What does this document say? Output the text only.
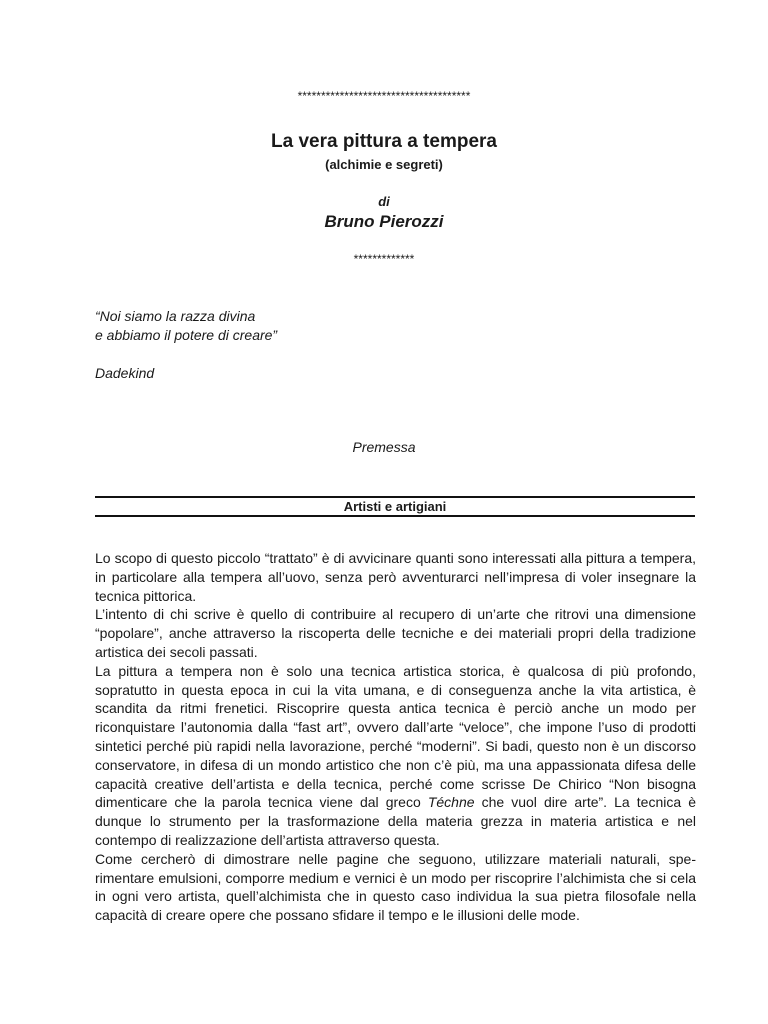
*************************************
La vera pittura a tempera
(alchimie e segreti)
di
Bruno Pierozzi
*************
“Noi siamo la razza divina
e abbiamo il potere di creare”
Dadekind
Premessa
Artisti e artigiani

Lo scopo di questo piccolo “trattato” è di avvicinare quanti sono interessati alla pittura a tempera, in particolare alla tempera all’uovo, senza però avventurarci nell’impresa di voler insegnare la tecnica pittorica.

L’intento di chi scrive è quello di contribuire al recupero di un’arte che ritrovi una dimensione “popolare”, anche attraverso la riscoperta delle tecniche e dei materiali propri della tradizione artistica dei secoli passati.

La pittura a tempera non è solo una tecnica artistica storica, è qualcosa di più profondo, sopratutto in questa epoca in cui la vita umana, e di conseguenza anche la vita artistica, è scandita da ritmi frenetici. Riscoprire questa antica tecnica è perciò anche un modo per riconquistare l’autonomia dalla “fast art”, ovvero dall’arte “veloce”, che impone l’uso di prodotti sintetici perché più rapidi nella lavorazione, perché “moderni”. Si badi, questo non è un discorso conservatore, in difesa di un mondo artistico che non c’è più, ma una appassionata difesa delle capacità creative dell’artista e della tecnica, perché come scrisse De Chirico “Non bisogna dimenticare che la parola tecnica viene dal greco Téchne che vuol dire arte”. La tecnica è dunque lo strumento per la trasformazione della materia grezza in materia artistica e nel contempo di realizzazione dell’artista attraverso questa.

Come cercherò di dimostrare nelle pagine che seguono, utilizzare materiali naturali, sperimentare emulsioni, comporre medium e vernici è un modo per riscoprire l’alchimista che si cela in ogni vero artista, quell’alchimista che in questo caso individua la sua pietra filosofale nella capacità di creare opere che possano sfidare il tempo e le illusioni delle mode.
